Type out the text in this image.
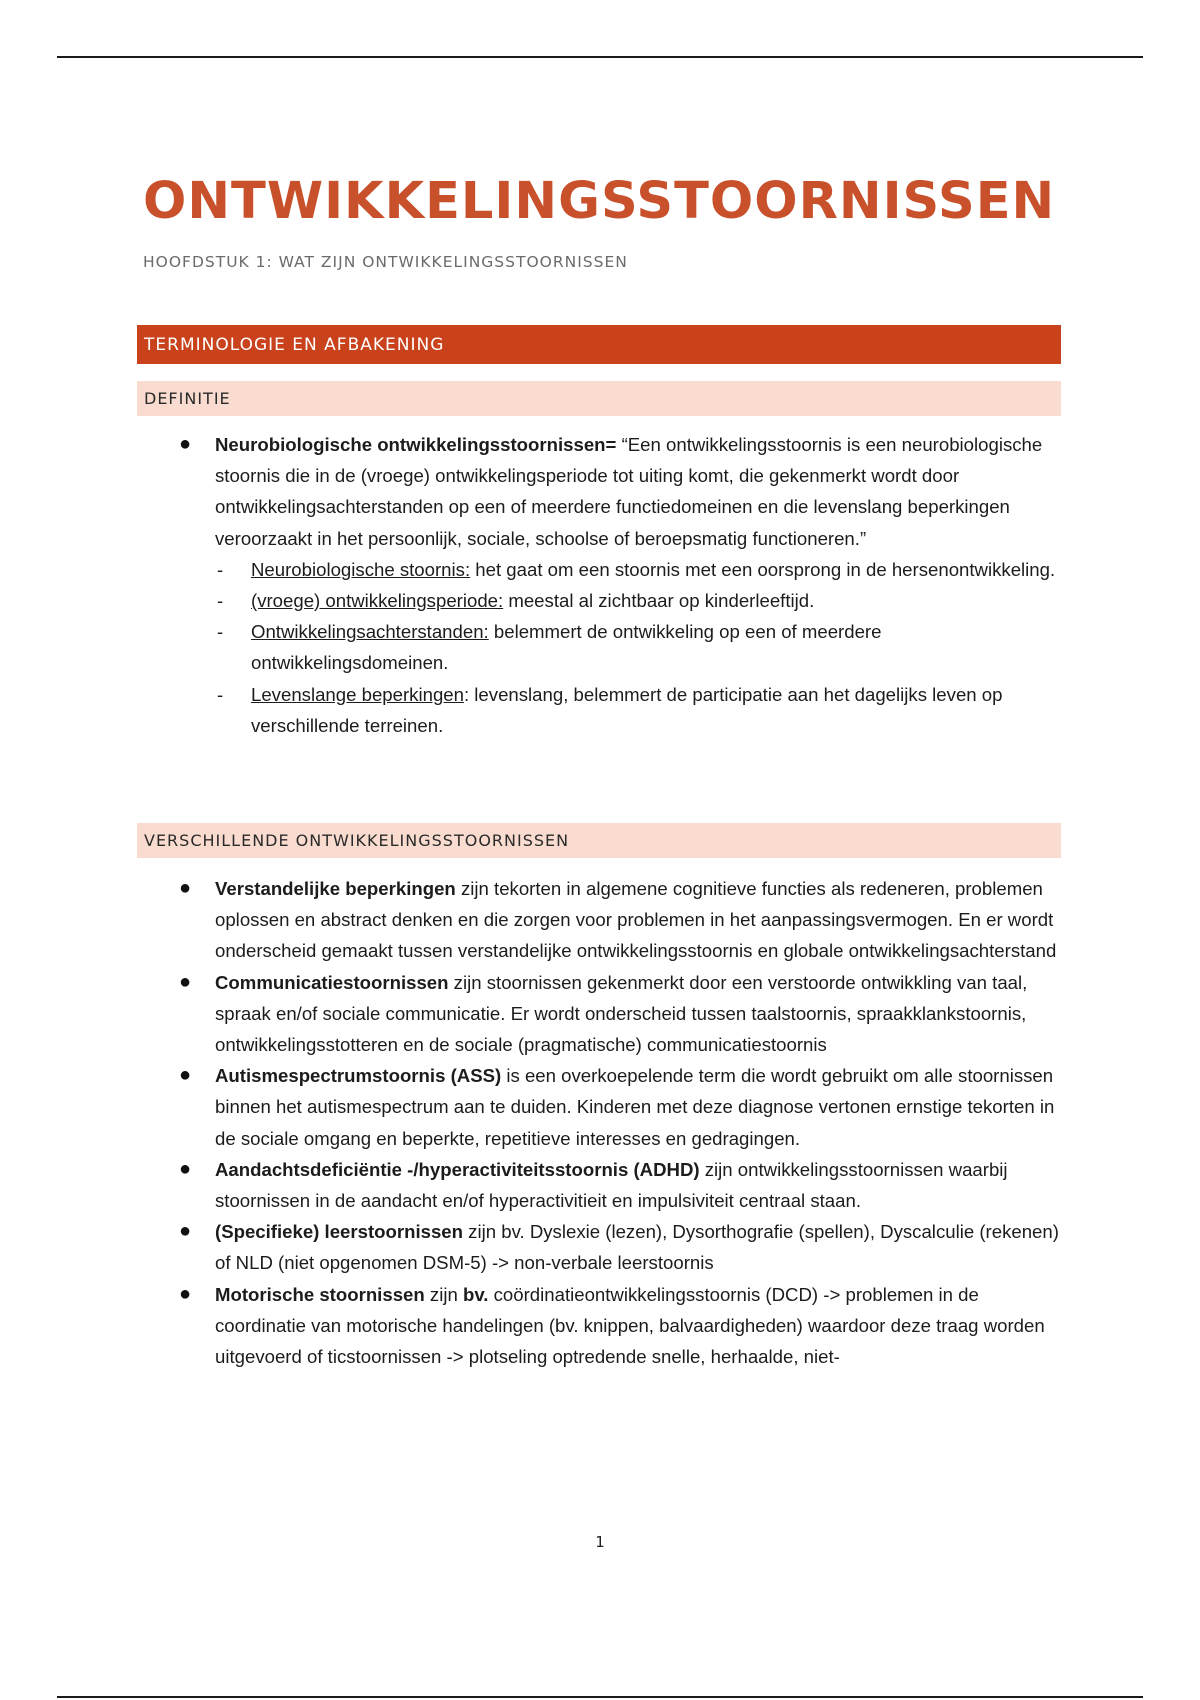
ONTWIKKELINGSSTOORNISSEN

HOOFDSTUK 1: WAT ZIJN ONTWIKKELINGSSTOORNISSEN

TERMINOLOGIE EN AFBAKENING
DEFINITIE
● Neurobiologische ontwikkelingsstoornissen= “Een ontwikkelingsstoornis is een neurobiologische stoornis die in de (vroege) ontwikkelingsperiode tot uiting komt, die gekenmerkt wordt door ontwikkelingsachterstanden op een of meerdere functiedomeinen en die levenslang beperkingen veroorzaakt in het persoonlijk, sociale, schoolse of beroepsmatig functioneren.”
- Neurobiologische stoornis: het gaat om een stoornis met een oorsprong in de hersenontwikkeling.
- (vroege) ontwikkelingsperiode: meestal al zichtbaar op kinderleeftijd.
- Ontwikkelingsachterstanden: belemmert de ontwikkeling op een of meerdere ontwikkelingsdomeinen.
- Levenslange beperkingen: levenslang, belemmert de participatie aan het dagelijks leven op verschillende terreinen.
VERSCHILLENDE ONTWIKKELINGSSTOORNISSEN
● Verstandelijke beperkingen zijn tekorten in algemene cognitieve functies als redeneren, problemen oplossen en abstract denken en die zorgen voor problemen in het aanpassingsvermogen. En er wordt onderscheid gemaakt tussen verstandelijke ontwikkelingsstoornis en globale ontwikkelingsachterstand
● Communicatiestoornissen zijn stoornissen gekenmerkt door een verstoorde ontwikkling van taal, spraak en/of sociale communicatie. Er wordt onderscheid tussen taalstoornis, spraakklankstoornis, ontwikkelingsstotteren en de sociale (pragmatische) communicatiestoornis
● Autismespectrumstoornis (ASS) is een overkoepelende term die wordt gebruikt om alle stoornissen binnen het autismespectrum aan te duiden. Kinderen met deze diagnose vertonen ernstige tekorten in de sociale omgang en beperkte, repetitieve interesses en gedragingen.
● Aandachtsdeficiëntie -/hyperactiviteitsstoornis (ADHD) zijn ontwikkelingsstoornissen waarbij stoornissen in de aandacht en/of hyperactivitieit en impulsiviteit centraal staan.
● (Specifieke) leerstoornissen zijn bv. Dyslexie (lezen), Dysorthografie (spellen), Dyscalculie (rekenen) of NLD (niet opgenomen DSM-5) -> non-verbale leerstoornis
● Motorische stoornissen zijn bv. coördinatieontwikkelingsstoornis (DCD) -> problemen in de coordinatie van motorische handelingen (bv. knippen, balvaardigheden) waardoor deze traag worden uitgevoerd of ticstoornissen -> plotseling optredende snelle, herhaalde, niet-
1
